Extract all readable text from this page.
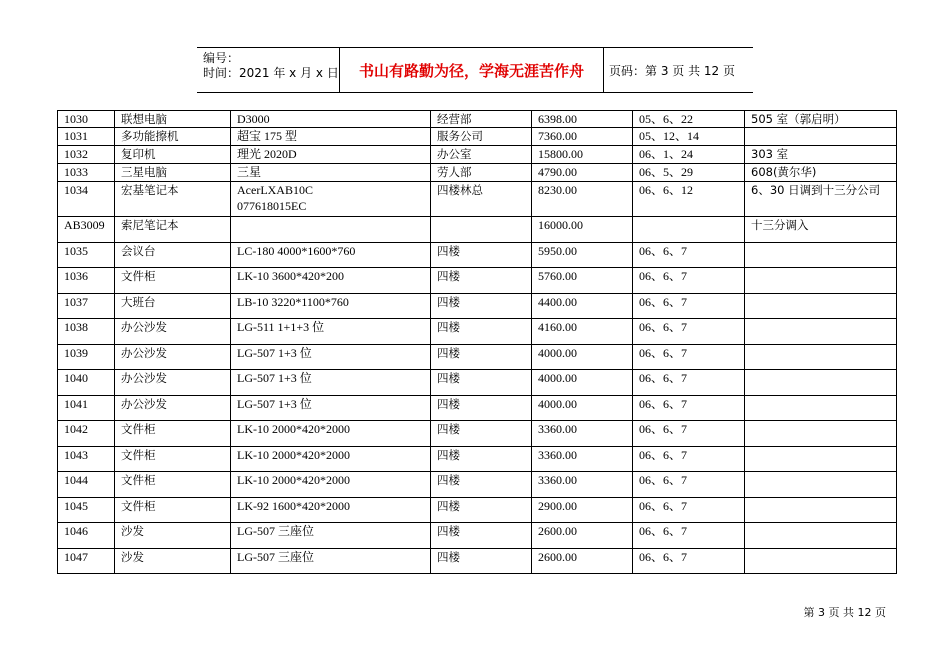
编号：
时间：2021 年 x 月 x 日	书山有路勤为径，学海无涯苦作舟	页码：第 3 页 共 12 页
1030	联想电脑	D3000	经营部	6398.00	05、6、22	505 室（郭启明）
1031	多功能擦机	超宝 175 型	服务公司	7360.00	05、12、14	
1032	复印机	理光 2020D	办公室	15800.00	06、1、24	303 室
1033	三星电脑	三星	劳人部	4790.00	06、5、29	608(黄尔华)
1034	宏基笔记本	AcerLXAB10C
077618015EC	四楼林总	8230.00	06、6、12	6、30 日调到十三分公司
AB3009	索尼笔记本			16000.00		十三分调入
1035	会议台	LC-180 4000*1600*760	四楼	5950.00	06、6、7	
1036	文件柜	LK-10 3600*420*200	四楼	5760.00	06、6、7	
1037	大班台	LB-10 3220*1100*760	四楼	4400.00	06、6、7	
1038	办公沙发	LG-511 1+1+3 位	四楼	4160.00	06、6、7	
1039	办公沙发	LG-507 1+3 位	四楼	4000.00	06、6、7	
1040	办公沙发	LG-507 1+3 位	四楼	4000.00	06、6、7	
1041	办公沙发	LG-507 1+3 位	四楼	4000.00	06、6、7	
1042	文件柜	LK-10 2000*420*2000	四楼	3360.00	06、6、7	
1043	文件柜	LK-10 2000*420*2000	四楼	3360.00	06、6、7	
1044	文件柜	LK-10 2000*420*2000	四楼	3360.00	06、6、7	
1045	文件柜	LK-92 1600*420*2000	四楼	2900.00	06、6、7	
1046	沙发	LG-507 三座位	四楼	2600.00	06、6、7	
1047	沙发	LG-507 三座位	四楼	2600.00	06、6、7	
第 3 页 共 12 页
